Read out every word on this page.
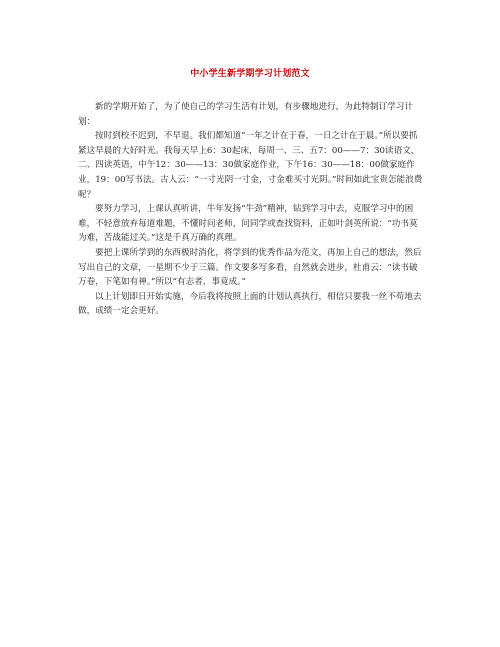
中小学生新学期学习计划范文

新的学期开始了，为了使自己的学习生活有计划，有步骤地进行，为此特制订学习计划：

按时到校不迟到，不早退。我们都知道“一年之计在于春，一日之计在于晨。”所以要抓紧这早晨的大好时光。我每天早上6：30起床，每周一、三、五7：00——7：30读语文，二、四读英语，中午12：30——13：30做家庭作业，下午16：30——18：00做家庭作业，19：00写书法。古人云：“一寸光阴一寸金，寸金难买寸光阴。”时间如此宝贵怎能浪费呢？

要努力学习，上课认真听讲，牛年发扬“牛劲”精神，钻到学习中去，克服学习中的困难，不轻意放弃每道难题，不懂时问老师，问同学或查找资料，正如叶剑英所说：“功书莫为难，苦战能过关。”这是千真万确的真理。

要把上课所学到的东西极时消化，将学到的优秀作品为范文，再加上自己的想法，然后写出自己的文章，一星期不少于三篇。作文要多写多看，自然就会进步，杜甫云：“读书破万卷，下笔如有神。”所以“有志者，事竟成。”

以上计划即日开始实施，今后我将按照上面的计划认真执行，相信只要我一丝不苟地去做，成绩一定会更好。
